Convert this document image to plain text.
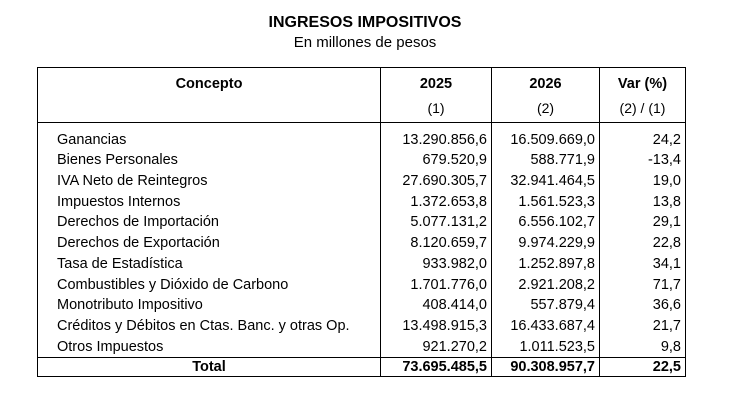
INGRESOS IMPOSITIVOS
En millones de pesos
Concepto	2025	2026	Var (%)
	(1)	(2)	(2) / (1)

Ganancias	13.290.856,6	16.509.669,0	24,2
Bienes Personales	679.520,9	588.771,9	-13,4
IVA Neto de Reintegros	27.690.305,7	32.941.464,5	19,0
Impuestos Internos	1.372.653,8	1.561.523,3	13,8
Derechos de Importación	5.077.131,2	6.556.102,7	29,1
Derechos de Exportación	8.120.659,7	9.974.229,9	22,8
Tasa de Estadística	933.982,0	1.252.897,8	34,1
Combustibles y Dióxido de Carbono	1.701.776,0	2.921.208,2	71,7
Monotributo Impositivo	408.414,0	557.879,4	36,6
Créditos y Débitos en Ctas. Banc. y otras Op.	13.498.915,3	16.433.687,4	21,7
Otros Impuestos	921.270,2	1.011.523,5	9,8
Total	73.695.485,5	90.308.957,7	22,5
